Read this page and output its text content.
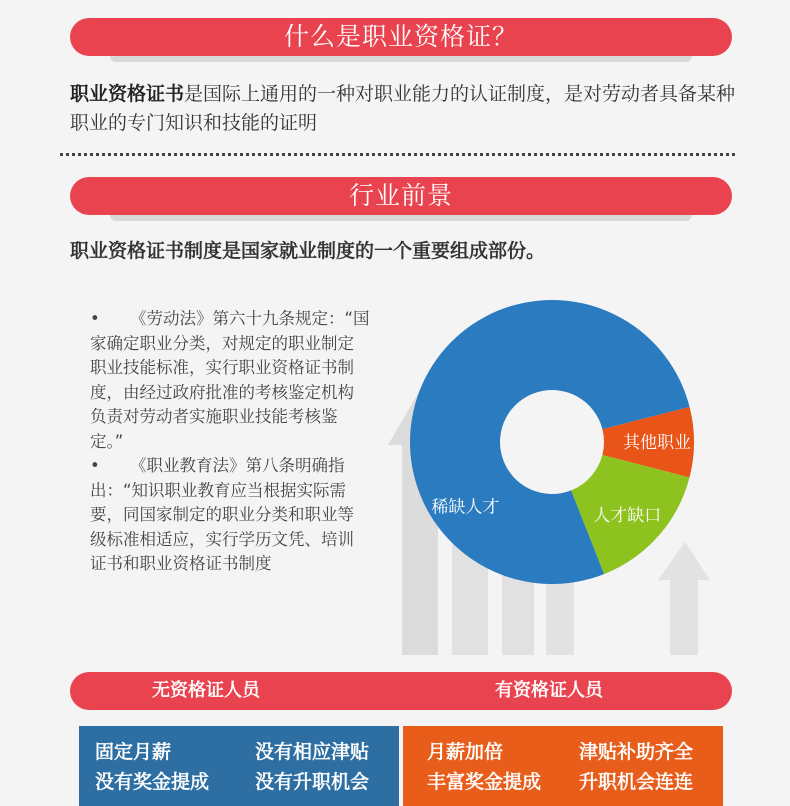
什么是职业资格证？
职业资格证书是国际上通用的一种对职业能力的认证制度，是对劳动者具备某种职业的专门知识和技能的证明
行业前景
职业资格证书制度是国家就业制度的一个重要组成部份。
• 《劳动法》第六十九条规定：“国家确定职业分类，对规定的职业制定职业技能标准，实行职业资格证书制度，由经过政府批准的考核鉴定机构负责对劳动者实施职业技能考核鉴定。”
• 《职业教育法》第八条明确指出：“知识职业教育应当根据实际需要，同国家制定的职业分类和职业等级标准相适应，实行学历文凭、培训证书和职业资格证书制度
其他职业
人才缺口
稀缺人才
无资格证人员	有资格证人员
固定月薪	没有相应津贴
没有奖金提成 没有升职机会
月薪加倍	津贴补助齐全
丰富奖金提成 升职机会连连
